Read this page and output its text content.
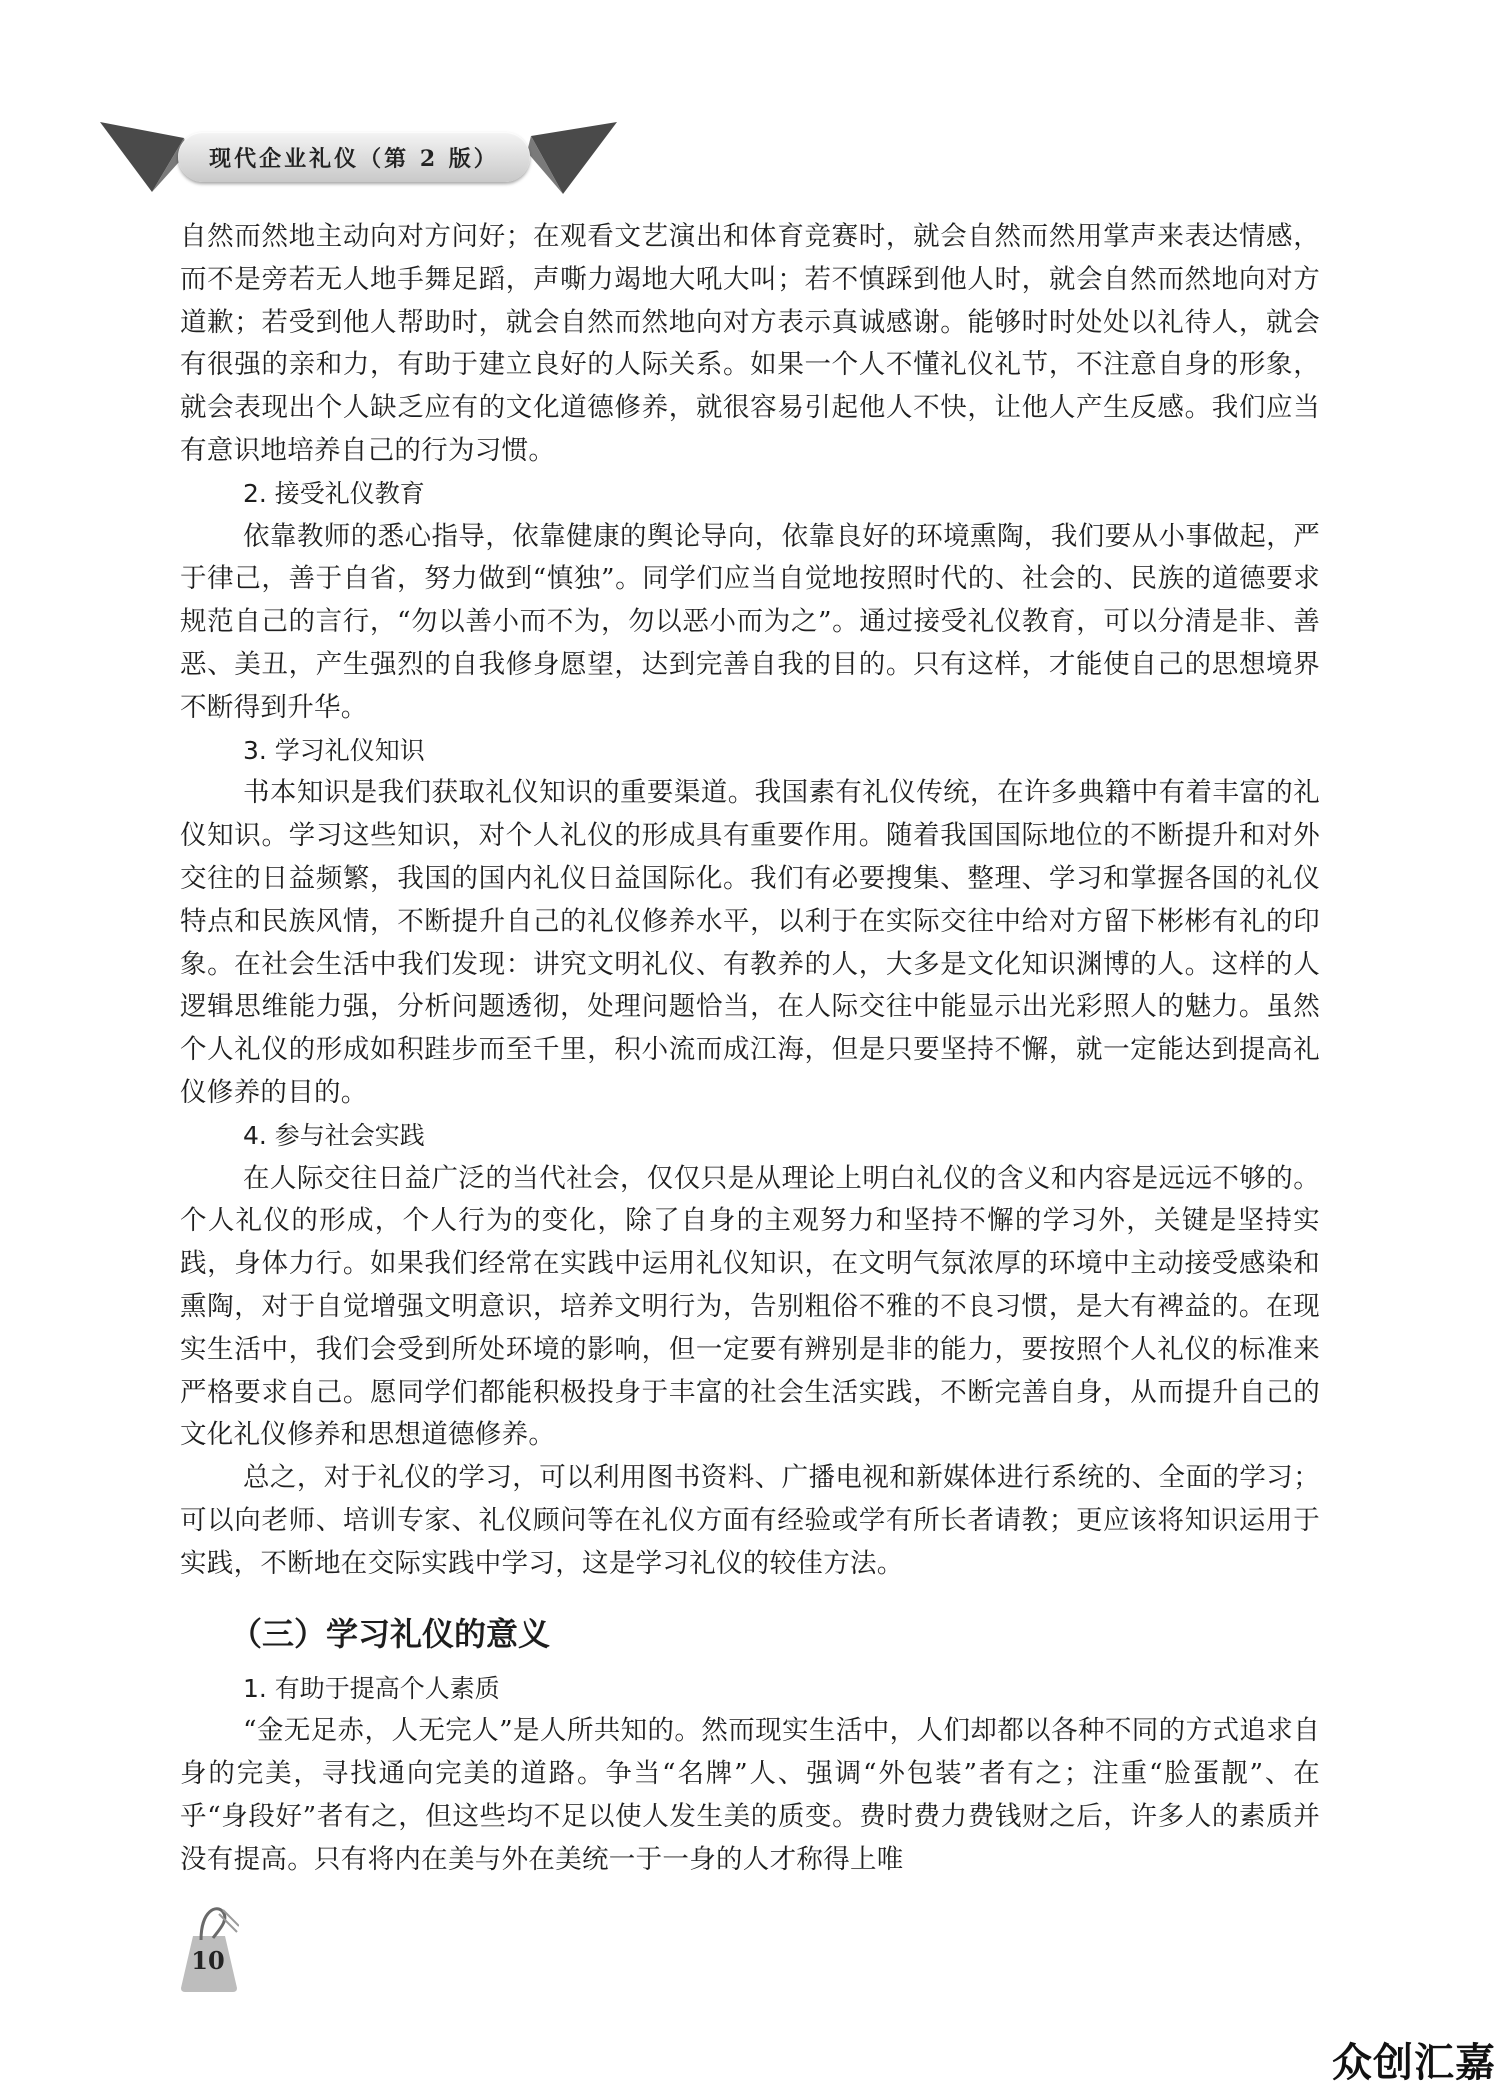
现代企业礼仪（第 2 版）

自然而然地主动向对方问好；在观看文艺演出和体育竞赛时，就会自然而然用掌声来表达情感，而不是旁若无人地手舞足蹈，声嘶力竭地大吼大叫；若不慎踩到他人时，就会自然而然地向对方道歉；若受到他人帮助时，就会自然而然地向对方表示真诚感谢。能够时时处处以礼待人，就会有很强的亲和力，有助于建立良好的人际关系。如果一个人不懂礼仪礼节，不注意自身的形象，就会表现出个人缺乏应有的文化道德修养，就很容易引起他人不快，让他人产生反感。我们应当有意识地培养自己的行为习惯。

2. 接受礼仪教育

依靠教师的悉心指导，依靠健康的舆论导向，依靠良好的环境熏陶，我们要从小事做起，严于律己，善于自省，努力做到“慎独”。同学们应当自觉地按照时代的、社会的、民族的道德要求规范自己的言行，“勿以善小而不为，勿以恶小而为之”。通过接受礼仪教育，可以分清是非、善恶、美丑，产生强烈的自我修身愿望，达到完善自我的目的。只有这样，才能使自己的思想境界不断得到升华。

3. 学习礼仪知识

书本知识是我们获取礼仪知识的重要渠道。我国素有礼仪传统，在许多典籍中有着丰富的礼仪知识。学习这些知识，对个人礼仪的形成具有重要作用。随着我国国际地位的不断提升和对外交往的日益频繁，我国的国内礼仪日益国际化。我们有必要搜集、整理、学习和掌握各国的礼仪特点和民族风情，不断提升自己的礼仪修养水平，以利于在实际交往中给对方留下彬彬有礼的印象。在社会生活中我们发现：讲究文明礼仪、有教养的人，大多是文化知识渊博的人。这样的人逻辑思维能力强，分析问题透彻，处理问题恰当，在人际交往中能显示出光彩照人的魅力。虽然个人礼仪的形成如积跬步而至千里，积小流而成江海，但是只要坚持不懈，就一定能达到提高礼仪修养的目的。

4. 参与社会实践

在人际交往日益广泛的当代社会，仅仅只是从理论上明白礼仪的含义和内容是远远不够的。个人礼仪的形成，个人行为的变化，除了自身的主观努力和坚持不懈的学习外，关键是坚持实践，身体力行。如果我们经常在实践中运用礼仪知识，在文明气氛浓厚的环境中主动接受感染和熏陶，对于自觉增强文明意识，培养文明行为，告别粗俗不雅的不良习惯，是大有裨益的。在现实生活中，我们会受到所处环境的影响，但一定要有辨别是非的能力，要按照个人礼仪的标准来严格要求自己。愿同学们都能积极投身于丰富的社会生活实践，不断完善自身，从而提升自己的文化礼仪修养和思想道德修养。

总之，对于礼仪的学习，可以利用图书资料、广播电视和新媒体进行系统的、全面的学习；可以向老师、培训专家、礼仪顾问等在礼仪方面有经验或学有所长者请教；更应该将知识运用于实践，不断地在交际实践中学习，这是学习礼仪的较佳方法。

（三）学习礼仪的意义

1. 有助于提高个人素质

“金无足赤，人无完人”是人所共知的。然而现实生活中，人们却都以各种不同的方式追求自身的完美，寻找通向完美的道路。争当“名牌”人、强调“外包装”者有之；注重“脸蛋靓”、在乎“身段好”者有之，但这些均不足以使人发生美的质变。费时费力费钱财之后，许多人的素质并没有提高。只有将内在美与外在美统一于一身的人才称得上唯

10
众创汇嘉
